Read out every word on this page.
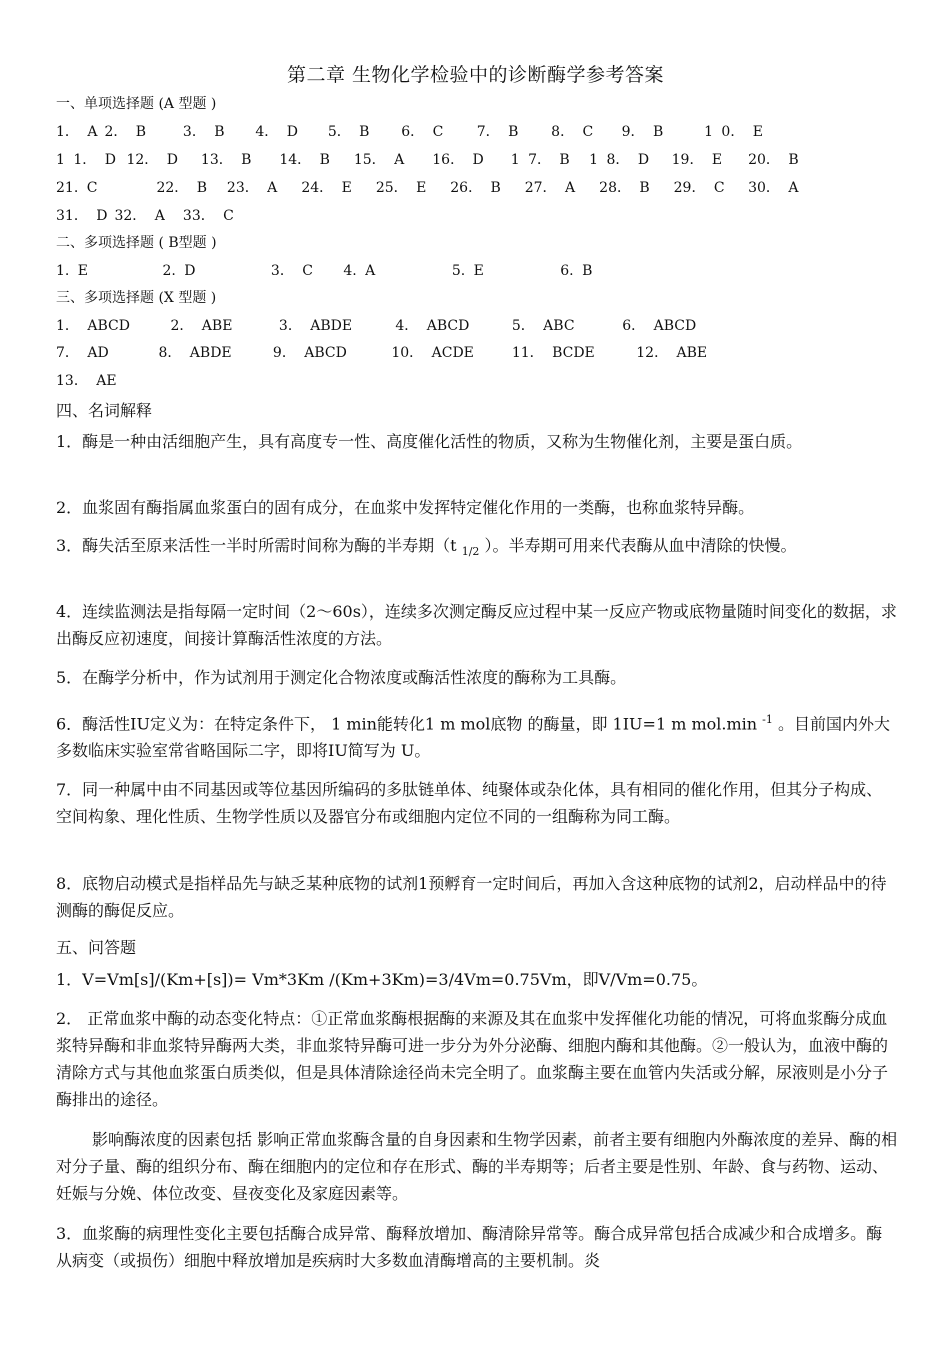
第二章 生物化学检验中的诊断酶学参考答案
一、单项选择题 (A 型题 )
1． A 2． B	3． B 4． D 5． B 6． C 7． B 8． C 9． B	1 0． E
1 1． D 12． D 13． B 14． B 15． A 16． D 1 7． B 1 8． D 19． E 20． B
21. C	22． B 23． A 24． E 25． E 26． B 27． A 28． B 29． C 30． A
31． D 32． A 33． C
二、多项选择题 ( B型题 )
1. E	2. D	3． C 4. A	5. E	6. B
三、多项选择题 (X 型题 )
1． ABCD	2． ABE	3． ABDE	4． ABCD	5． ABC	6． ABCD
7． AD	8． ABDE	9． ABCD	10． ACDE	11． BCDE	12． ABE
13． AE
四、名词解释
1．酶是一种由活细胞产生，具有高度专一性、高度催化活性的物质，又称为生物催化剂，主要是蛋白质。
2．血浆固有酶指属血浆蛋白的固有成分，在血浆中发挥特定催化作用的一类酶，也称血浆特异酶。
3．酶失活至原来活性一半时所需时间称为酶的半寿期（t $_{1/2}$ ）。半寿期可用来代表酶从血中清除的快慢。
4．连续监测法是指每隔一定时间（2～60s），连续多次测定酶反应过程中某一反应产物或底物量随时间变化的数据，求出酶反应初速度，间接计算酶活性浓度的方法。
5．在酶学分析中，作为试剂用于测定化合物浓度或酶活性浓度的酶称为工具酶。
6．酶活性IU定义为：在特定条件下， 1 min能转化1 m mol底物 的酶量，即 1IU=1 m mol.min $^{-1}$ 。目前国内外大多数临床实验室常省略国际二字，即将IU简写为 U。
7．同一种属中由不同基因或等位基因所编码的多肽链单体、纯聚体或杂化体，具有相同的催化作用，但其分子构成、空间构象、理化性质、生物学性质以及器官分布或细胞内定位不同的一组酶称为同工酶。
8．底物启动模式是指样品先与缺乏某种底物的试剂1预孵育一定时间后，再加入含这种底物的试剂2，启动样品中的待测酶的酶促反应。
五、问答题
1．V=Vm[s]/(Km+[s])= Vm*3Km /(Km+3Km)=3/4Vm=0.75Vm，即V/Vm=0.75。
2． 正常血浆中酶的动态变化特点：①正常血浆酶根据酶的来源及其在血浆中发挥催化功能的情况，可将血浆酶分成血浆特异酶和非血浆特异酶两大类，非血浆特异酶可进一步分为外分泌酶、细胞内酶和其他酶。②一般认为，血液中酶的清除方式与其他血浆蛋白质类似，但是具体清除途径尚未完全明了。血浆酶主要在血管内失活或分解，尿液则是小分子酶排出的途径。
影响酶浓度的因素包括 影响正常血浆酶含量的自身因素和生物学因素，前者主要有细胞内外酶浓度的差异、酶的相对分子量、酶的组织分布、酶在细胞内的定位和存在形式、酶的半寿期等；后者主要是性别、年龄、食与药物、运动、妊娠与分娩、体位改变、昼夜变化及家庭因素等。
3．血浆酶的病理性变化主要包括酶合成异常、酶释放增加、酶清除异常等。酶合成异常包括合成减少和合成增多。酶从病变（或损伤）细胞中释放增加是疾病时大多数血清酶增高的主要机制。炎
